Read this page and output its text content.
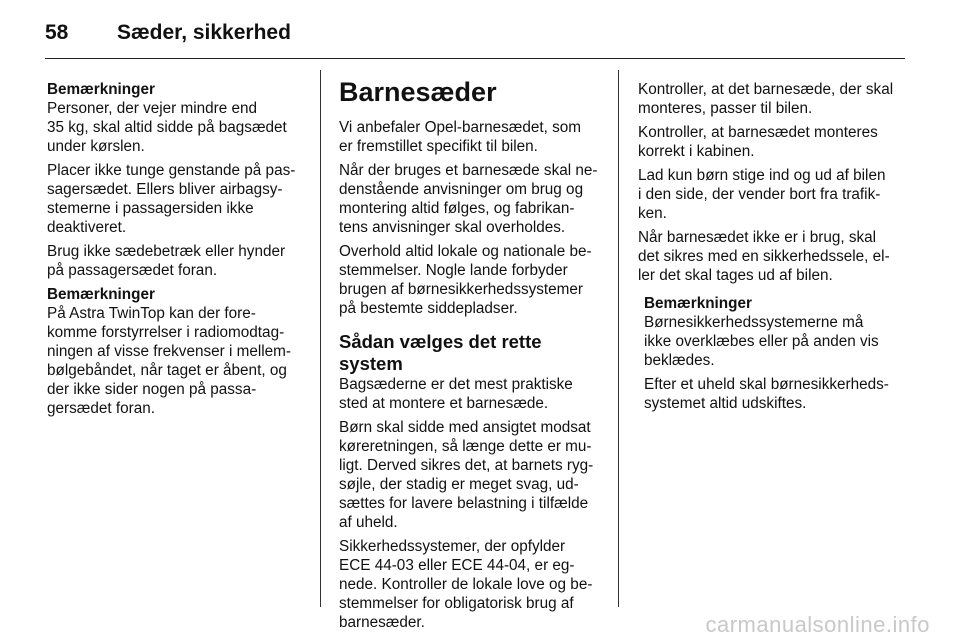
58 Sæder, sikkerhed
Bemærkninger

Personer, der vejer mindre end
35 kg, skal altid sidde på bagsædet
under kørslen.

Placer ikke tunge genstande på pas-
sagersædet. Ellers bliver airbagsy-
stemerne i passagersiden ikke
deaktiveret.

Brug ikke sædebetræk eller hynder
på passagersædet foran.

Bemærkninger

På Astra TwinTop kan der fore-
komme forstyrrelser i radiomodtag-
ningen af visse frekvenser i mellem-
bølgebåndet, når taget er åbent, og
der ikke sider nogen på passa-
gersædet foran.

Barnesæder

Vi anbefaler Opel-barnesædet, som
er fremstillet specifikt til bilen.

Når der bruges et barnesæde skal ne-
denstående anvisninger om brug og
montering altid følges, og fabrikan-
tens anvisninger skal overholdes.

Overhold altid lokale og nationale be-
stemmelser. Nogle lande forbyder
brugen af børnesikkerhedssystemer
på bestemte siddepladser.

Sådan vælges det rette system

Bagsæderne er det mest praktiske
sted at montere et barnesæde.

Børn skal sidde med ansigtet modsat
køreretningen, så længe dette er mu-
ligt. Derved sikres det, at barnets ryg-
søjle, der stadig er meget svag, ud-
sættes for lavere belastning i tilfælde
af uheld.

Sikkerhedssystemer, der opfylder
ECE 44-03 eller ECE 44-04, er eg-
nede. Kontroller de lokale love og be-
stemmelser for obligatorisk brug af
barnesæder.

Kontroller, at det barnesæde, der skal
monteres, passer til bilen.

Kontroller, at barnesædet monteres
korrekt i kabinen.

Lad kun børn stige ind og ud af bilen
i den side, der vender bort fra trafik-
ken.

Når barnesædet ikke er i brug, skal
det sikres med en sikkerhedssele, el-
ler det skal tages ud af bilen.

Bemærkninger

Børnesikkerhedssystemerne må
ikke overklæbes eller på anden vis
beklædes.

Efter et uheld skal børnesikkerheds-
systemet altid udskiftes.

carmanualsonline.info
